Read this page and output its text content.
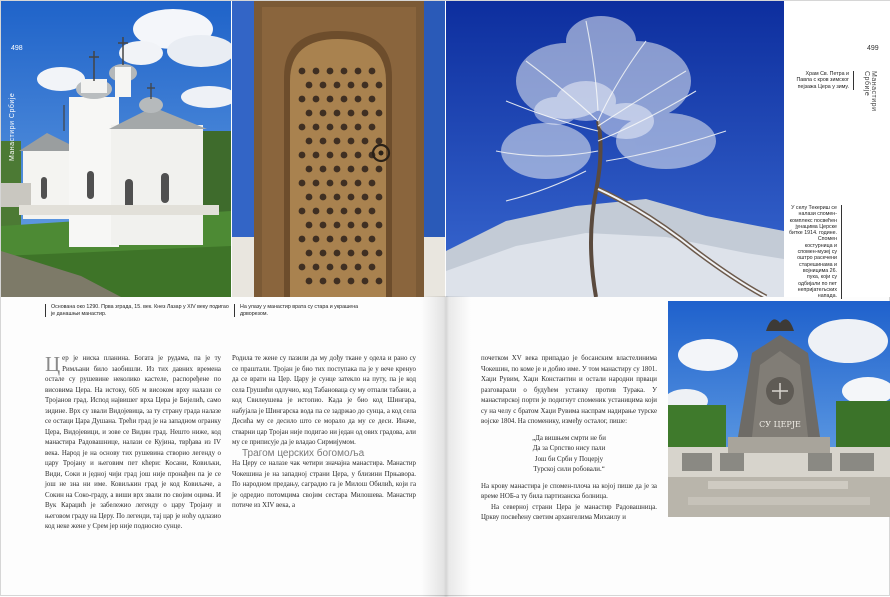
СУ ЦЕРЈЕ
498
Манастири Србије
499
Манастири Србије
Основана око 1290. Прва зграда, 15. век. Кнез Лазар у XIV веку подигао је данашњи манастир.
На улазу у манастир врата су стара и украшена дрворезом.
Храм Св. Петра и Павла с кров зимског пејзажа Цера у зиму.
У селу Текериш се налази спомен-комплекс посвећен јунацима Церске битке 1914. године. Спомен костурница и спомен-музеј су оштро расечени старешинама и војницима 26. пука, који су одбијали по пет непријатељских напада.

Цер је ниска планина. Богата је рудама, па је ту Римљани било заобишли. Из тих давних времена остале су рушевине неколико кастеле, распоређене по висовима Цера. На истоку, 605 м високом врху налази се Тројанов град. Испод највишег врха Цера је Бијелић, само зидине. Врх су звали Видојевица, за ту страну града налазе се остаци Цара Душана. Трећи град је на западном огранку Цера, Видојевици, и зове се Видин град. Нешто ниже, код манастира Радовашнице, налази се Кујина, тврђава из IV века. Народ је на основу тих рушевина створио легенду о цару Тројану и његовим пет кћери: Косани, Ковиљки, Види, Соки и једној чији град још није пронађен па је се још не зна ни име. Ковиљкин град је код Ковиљаче, а Сокин на Соко-граду, а виши врх звали по својим оцима. И Вук Караџић је забележио легенду о цару Тројану и његовом граду на Церу. По легенди, тај цар је ноћу одлазио код неке жене у Срем јер није подносио сунце.

Родила те жене су пазили да му дођу ткане у одела и рано су се праштали. Тројан је био тих поступака па је у вече кренуо да се врати на Цер. Цару је сунце затекло на путу, па је код села Грушићи одлучио, код Табановаца су му отпали табани, а код Свилеушева је истопио. Када је био код Шингара, набујала је Шингарска вода па се задржао до сунца, а код села Десића му се десило што се морало да му се деси. Иначе, стварни цар Тројан није подигао ни један од ових градова, али му се приписује да је владао Сирмијумом.

Трагом церских богомоља

На Церу се налазе чак четири значајна манастира. Манастир Чокешина је на западној страни Цера, у близини Прњавора. По народном предању, саградио га је Милош Обилић, који га је одредио потомцима својим сестара Милошева. Манастир потиче из XIV века, а

почетком XV века припадао је босанским властелинима Чокешин, по коме је и добио име. У том манастиру су 1801. Хаџи Рувим, Хаџи Константин и остали народни прваци разговарали о будућем устанку против Турака. У манастирској порти је подигнут споменик устаницима који су на челу с братом Хаџи Рувима наспрам надирање турске војске 1804. На споменику, између осталог, пише:

„Да вишњем смрти не би
Да за Српство нису пали
Још би Срби у Поцерју
Турској сили робовали.“

На крову манастира је спомен-плоча на којој пише да је за време НОБ-а ту била партизанска болница.

На северној страни Цера је манастир Радовашница. Цркву посвећену светим архангелима Михаилу и
